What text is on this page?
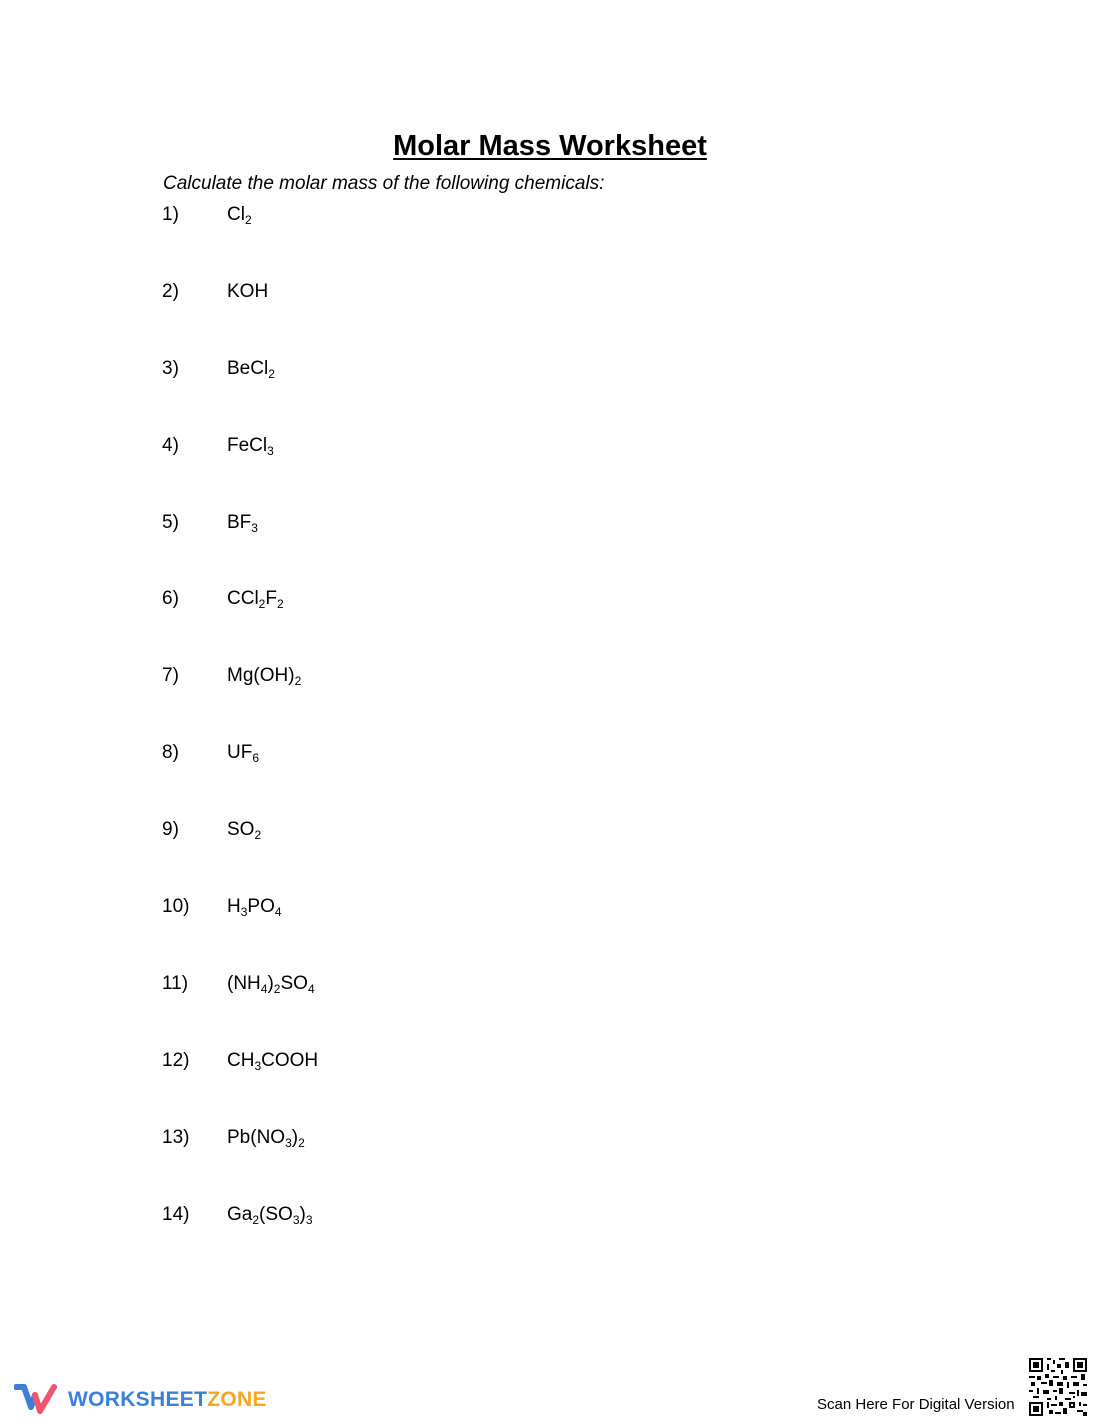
Molar Mass Worksheet
Calculate the molar mass of the following chemicals:
1)	$Cl_2$
2)	KOH
3)	BeCl$_2$
4)	FeCl$_3$
5)	$BF_3$
6)	$CCl_2F_2$
7)	$Mg(OH)_2$
8)	$UF_6$
9)	$SO_2$
10) $H_3PO_4$
11) $(NH_4)_2SO_4$
12) $CH_3COOH$
13) $Pb(NO_3)_2$
14) $Ga_2(SO_3)_3$
WORKSHEETZONE	Scan Here For Digital Version
